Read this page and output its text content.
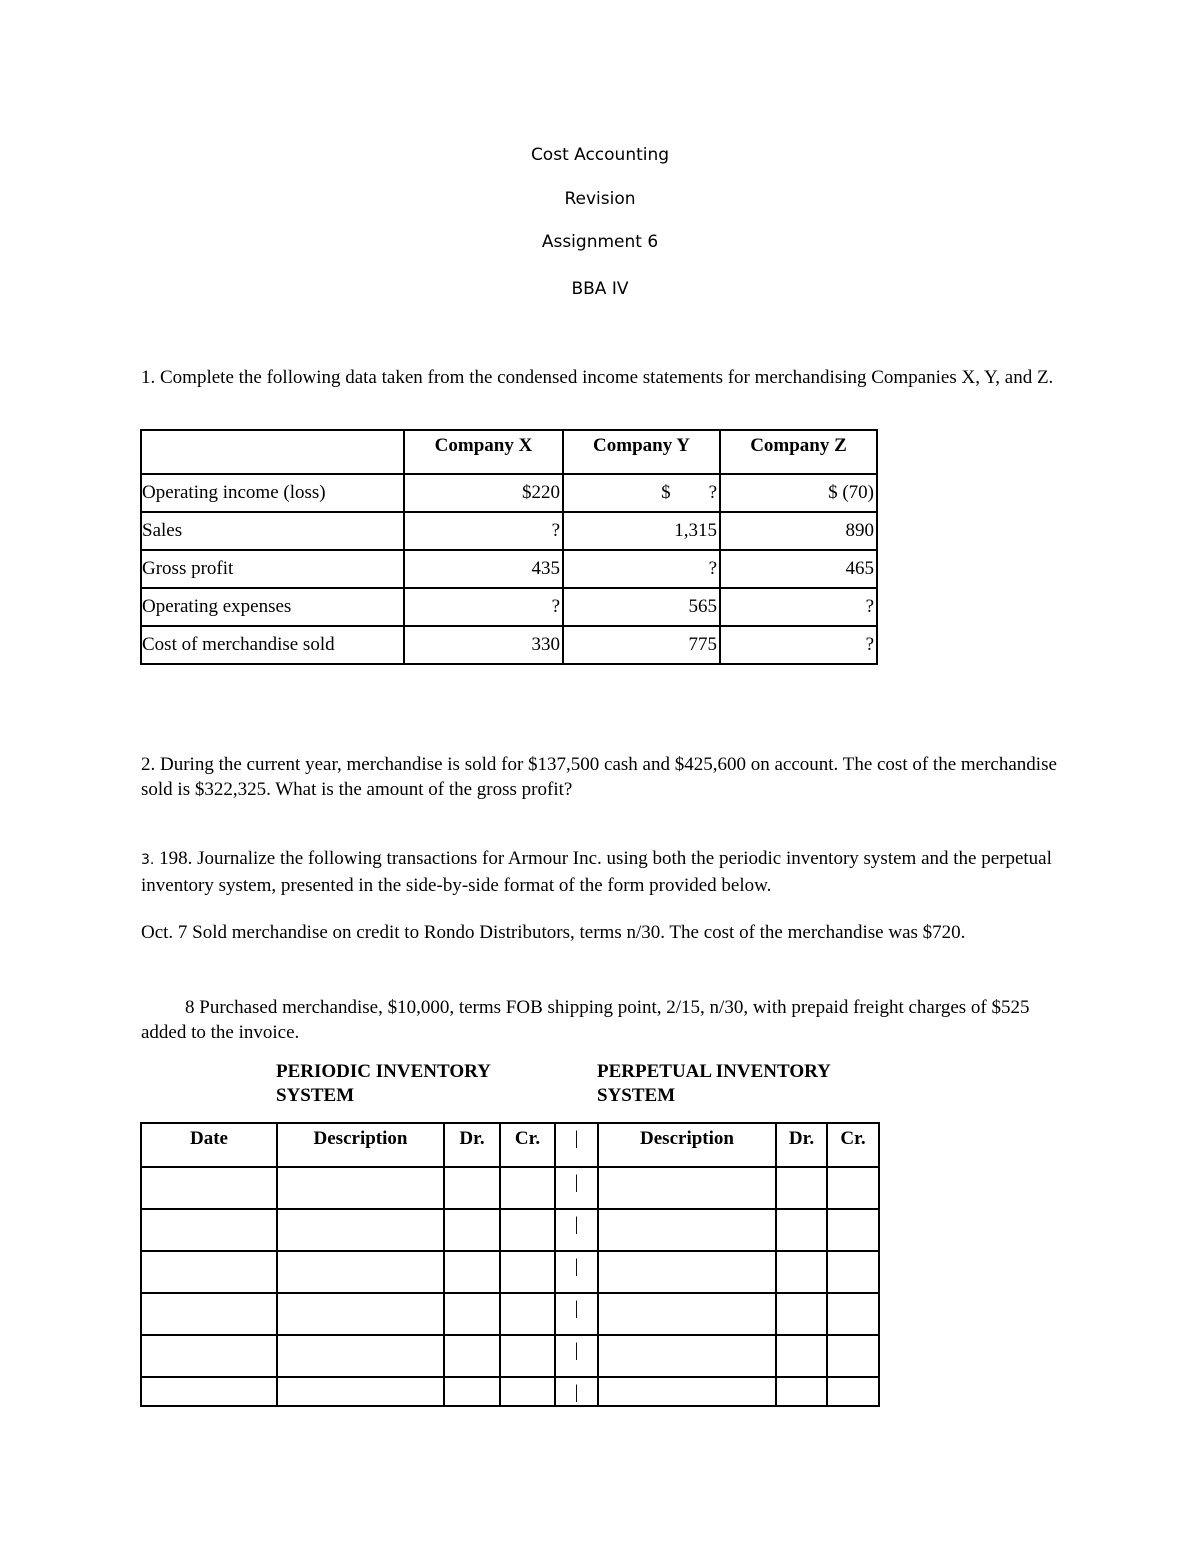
Cost Accounting
Revision
Assignment 6
BBA IV
1. Complete the following data taken from the condensed income statements for merchandising Companies X, Y, and Z.
	Company X	Company Y	Company Z
Operating income (loss)	$220	$        ?	$ (70)
Sales	?	1,315	890
Gross profit	435	?	465
Operating expenses	?	565	?
Cost of merchandise sold	330	775	?
2. During the current year, merchandise is sold for $137,500 cash and $425,600 on account. The cost of the merchandise sold is $322,325. What is the amount of the gross profit?
3. 198. Journalize the following transactions for Armour Inc. using both the periodic inventory system and the perpetual inventory system, presented in the side-by-side format of the form provided below.
Oct. 7 Sold merchandise on credit to Rondo Distributors, terms n/30. The cost of the merchandise was $720.
8 Purchased merchandise, $10,000, terms FOB shipping point, 2/15, n/30, with prepaid freight charges of $525 added to the invoice.
PERIODIC INVENTORY SYSTEM
PERPETUAL INVENTORY SYSTEM
Date	Description	Dr.	Cr.	|	Description	Dr.	Cr.
				|			
				|			
				|			
				|			
				|			
				|			
